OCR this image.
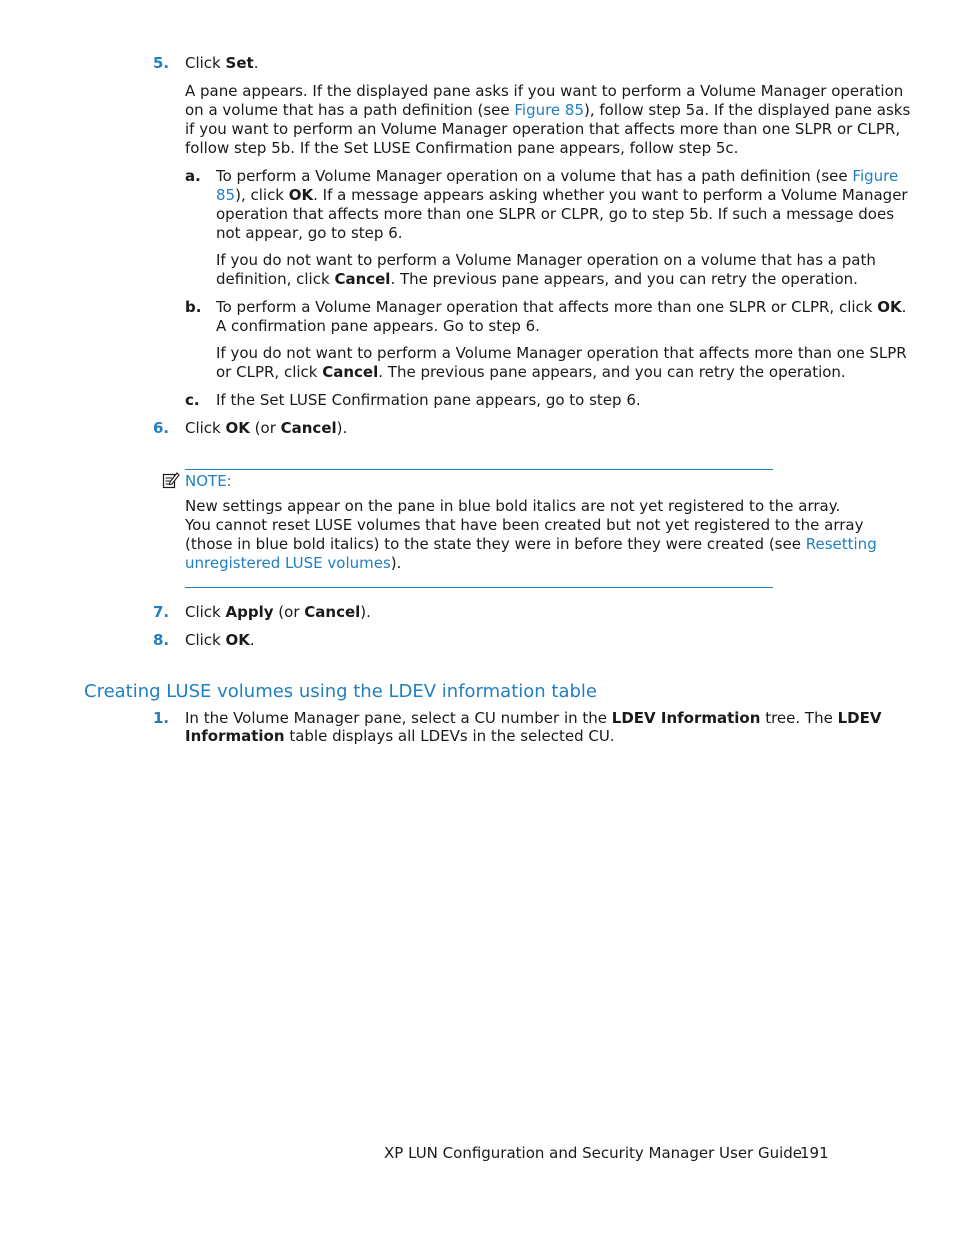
5. Click Set.
A pane appears. If the displayed pane asks if you want to perform a Volume Manager operation
on a volume that has a path definition (see Figure 85), follow step 5a. If the displayed pane asks
if you want to perform an Volume Manager operation that affects more than one SLPR or CLPR,
follow step 5b. If the Set LUSE Confirmation pane appears, follow step 5c.
a. To perform a Volume Manager operation on a volume that has a path definition (see Figure
85), click OK. If a message appears asking whether you want to perform a Volume Manager
operation that affects more than one SLPR or CLPR, go to step 5b. If such a message does
not appear, go to step 6.
If you do not want to perform a Volume Manager operation on a volume that has a path
definition, click Cancel. The previous pane appears, and you can retry the operation.
b. To perform a Volume Manager operation that affects more than one SLPR or CLPR, click OK.
A confirmation pane appears. Go to step 6.
If you do not want to perform a Volume Manager operation that affects more than one SLPR
or CLPR, click Cancel. The previous pane appears, and you can retry the operation.
c. If the Set LUSE Confirmation pane appears, go to step 6.
6. Click OK (or Cancel).
NOTE:
New settings appear on the pane in blue bold italics are not yet registered to the array.
You cannot reset LUSE volumes that have been created but not yet registered to the array
(those in blue bold italics) to the state they were in before they were created (see Resetting
unregistered LUSE volumes).
7. Click Apply (or Cancel).
8. Click OK.
Creating LUSE volumes using the LDEV information table
1. In the Volume Manager pane, select a CU number in the LDEV Information tree. The LDEV
Information table displays all LDEVs in the selected CU.
XP LUN Configuration and Security Manager User Guide
191
